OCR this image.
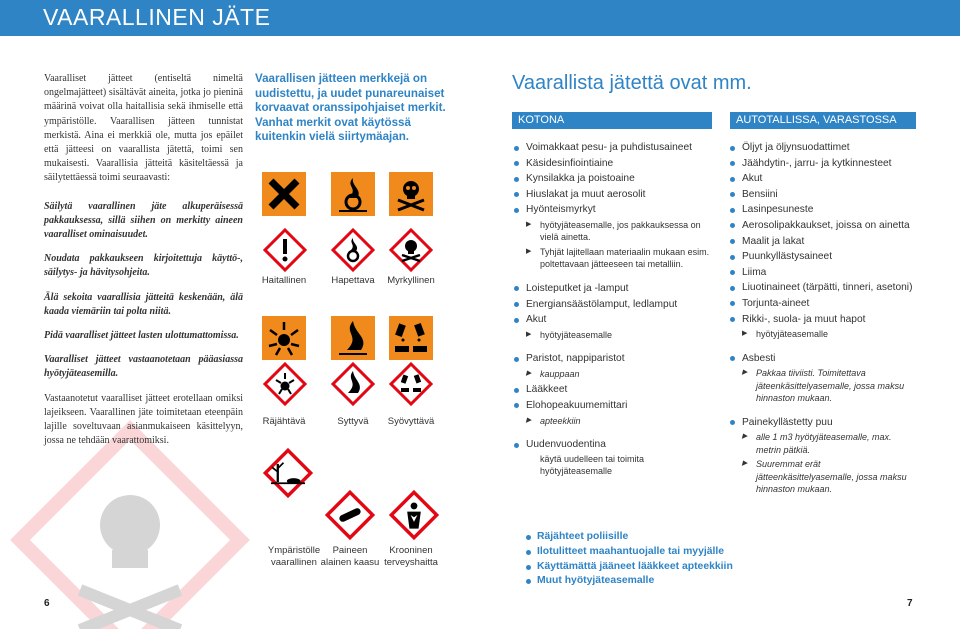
VAARALLINEN JÄTE

Vaaralliset jätteet (entiseltä nimeltä ongelmajätteet) sisältävät aineita, jotka jo pieninä määrinä voivat olla haitallisia sekä ihmiselle että ympäristölle. Vaarallisen jätteen tunnistat merkistä. Aina ei merkkiä ole, mutta jos epäilet että jätteesi on vaarallista jätettä, toimi sen mukaisesti. Vaarallisia jätteitä käsiteltäessä ja säilytettäessä toimi seuraavasti:

Säilytä vaarallinen jäte alkuperäisessä pakkauksessa, sillä siihen on merkitty aineen vaaralliset ominaisuudet.

Noudata pakkaukseen kirjoitettuja käyttö-, säilytys- ja hävitysohjeita.

Älä sekoita vaarallisia jätteitä keskenään, älä kaada viemäriin tai polta niitä.

Pidä vaaralliset jätteet lasten ulottumattomissa.

Vaaralliset jätteet vastaanotetaan pääasiassa hyötyjäteasemilla.

Vastaanotetut vaaralliset jätteet erotellaan omiksi lajeikseen. Vaarallinen jäte toimitetaan eteenpäin lajille soveltuvaan asianmukaiseen käsittelyyn, jossa ne tehdään vaarattomiksi.

Vaarallisen jätteen merkkejä on uudistettu, ja uudet punareunaiset korvaavat oranssipohjaiset merkit. Vanhat merkit ovat käytössä kuitenkin vielä siirtymäajan.
Haitallinen	Hapettava	Myrkyllinen
Räjähtävä	Syttyvä	Syövyttävä
Ympäristölle
vaarallinen
Paineen
alainen kaasu
Krooninen
terveyshaitta
Vaarallista jätettä ovat mm.
KOTONA	AUTOTALLISSA, VARASTOSSA TMS.
Voimakkaat pesu- ja puhdistusaineet
Käsidesinfiointiaine
Kynsilakka ja poistoaine
Hiuslakat ja muut aerosolit
Hyönteismyrkyt
▶ hyötyjäteasemalle, jos pakkauksessa on vielä ainetta.
▶ Tyhjät lajitellaan materiaalin mukaan esim. poltettavaan jätteeseen tai metalliin.
Loisteputket ja -lamput
Energiansäästölamput, ledlamput
Akut
▶ hyötyjäteasemalle
Paristot, nappiparistot
▶ kauppaan
Lääkkeet
Elohopeakuumemittari
▶ apteekkiin
Uudenvuodentina
käytä uudelleen tai toimita hyötyjäteasemalle
Öljyt ja öljynsuodattimet
Jäähdytin-, jarru- ja kytkinnesteet
Akut
Bensiini
Lasinpesuneste
Aerosolipakkaukset, joissa on ainetta
Maalit ja lakat
Puunkyllästysaineet
Liima
Liuotinaineet (tärpätti, tinneri, asetoni)
Torjunta-aineet
Rikki-, suola- ja muut hapot
▶ hyötyjäteasemalle
Asbesti
▶ Pakkaa tiiviisti. Toimitettava jäteenkäsittelyasemalle, jossa maksu hinnaston mukaan.
Painekyllästetty puu
▶ alle 1 m3 hyötyjäteasemalle, max. metrin pätkiä.
▶ Suuremmat erät jätteenkäsittelyasemalle, jossa maksu hinnaston mukaan.
Räjähteet poliisille
Ilotulitteet maahantuojalle tai myyjälle
Käyttämättä jääneet lääkkeet apteekkiin
Muut hyötyjäteasemalle
6	7
